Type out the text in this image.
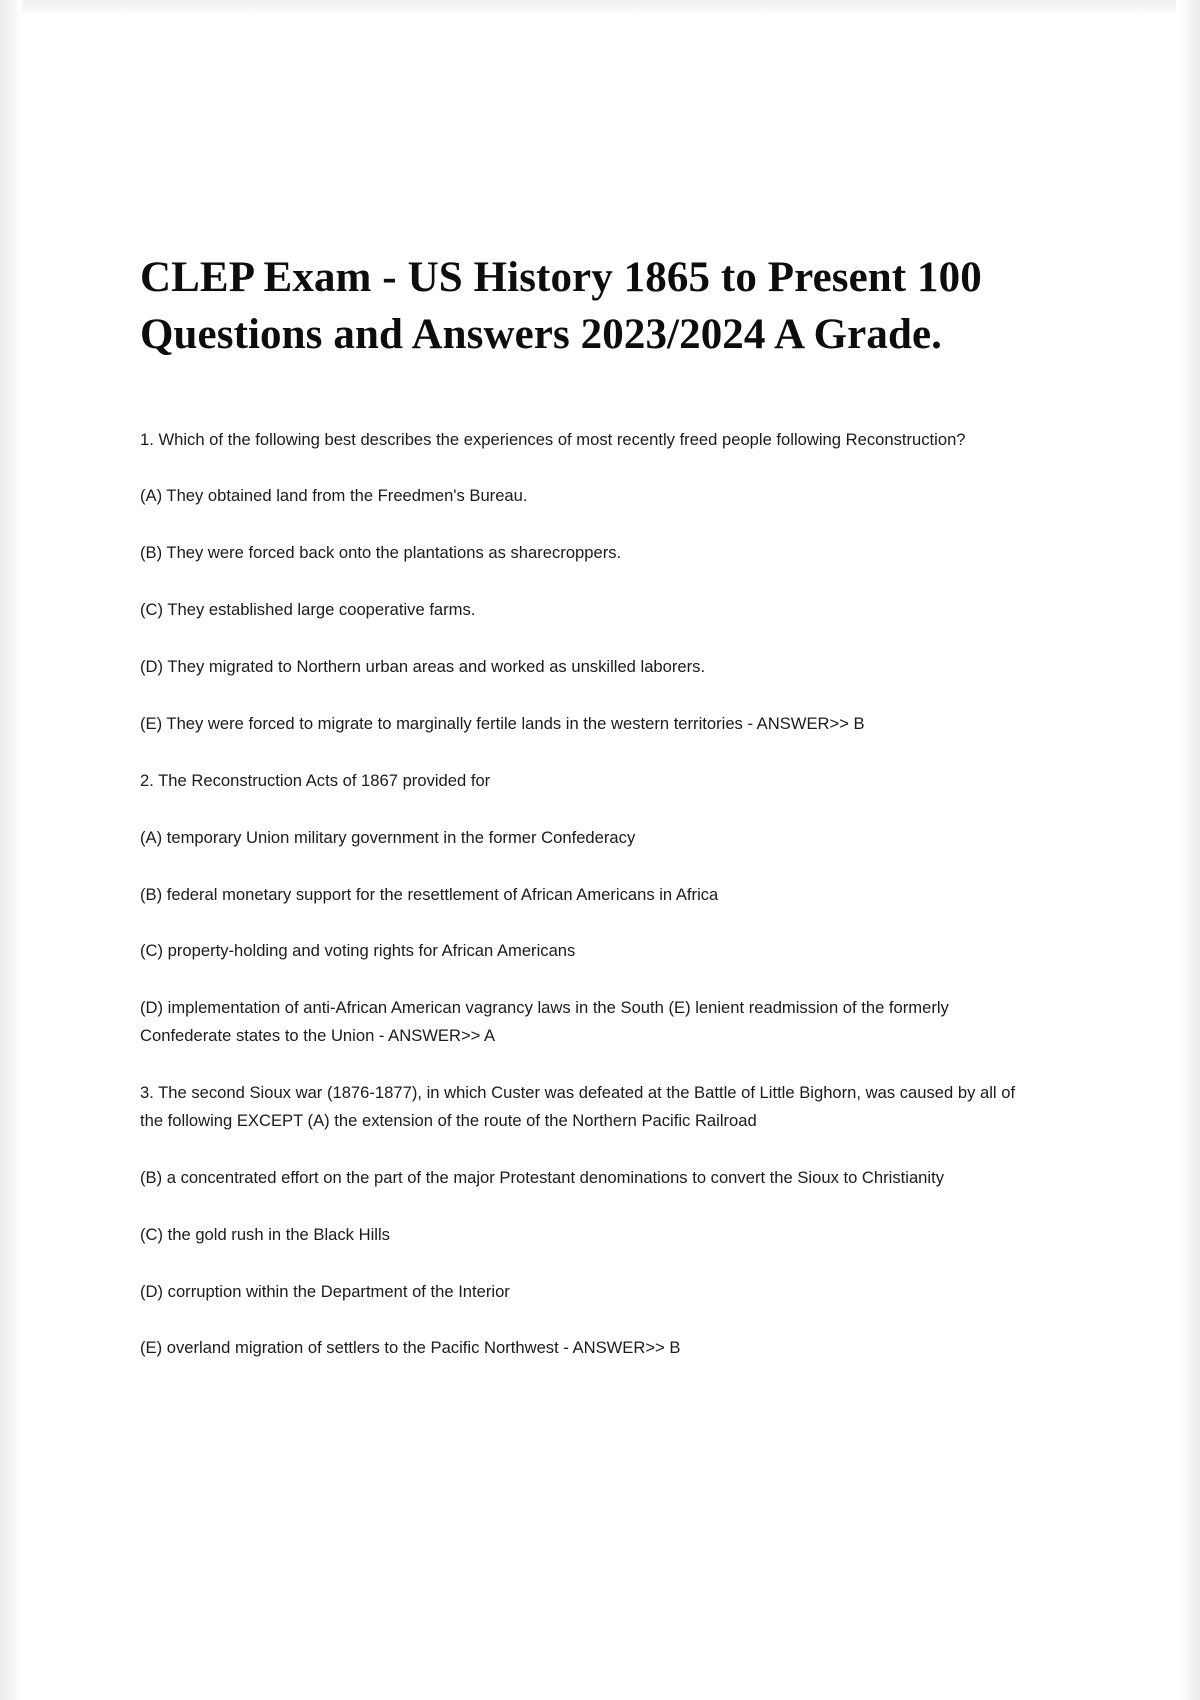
CLEP Exam - US History 1865 to Present 100 Questions and Answers 2023/2024 A Grade.

1. Which of the following best describes the experiences of most recently freed people following Reconstruction?

(A) They obtained land from the Freedmen's Bureau.

(B) They were forced back onto the plantations as sharecroppers.

(C) They established large cooperative farms.

(D) They migrated to Northern urban areas and worked as unskilled laborers.

(E) They were forced to migrate to marginally fertile lands in the western territories - ANSWER>> B

2. The Reconstruction Acts of 1867 provided for

(A) temporary Union military government in the former Confederacy

(B) federal monetary support for the resettlement of African Americans in Africa

(C) property-holding and voting rights for African Americans

(D) implementation of anti-African American vagrancy laws in the South (E) lenient readmission of the formerly Confederate states to the Union - ANSWER>> A

3. The second Sioux war (1876-1877), in which Custer was defeated at the Battle of Little Bighorn, was caused by all of the following EXCEPT (A) the extension of the route of the Northern Pacific Railroad

(B) a concentrated effort on the part of the major Protestant denominations to convert the Sioux to Christianity

(C) the gold rush in the Black Hills

(D) corruption within the Department of the Interior

(E) overland migration of settlers to the Pacific Northwest - ANSWER>> B
